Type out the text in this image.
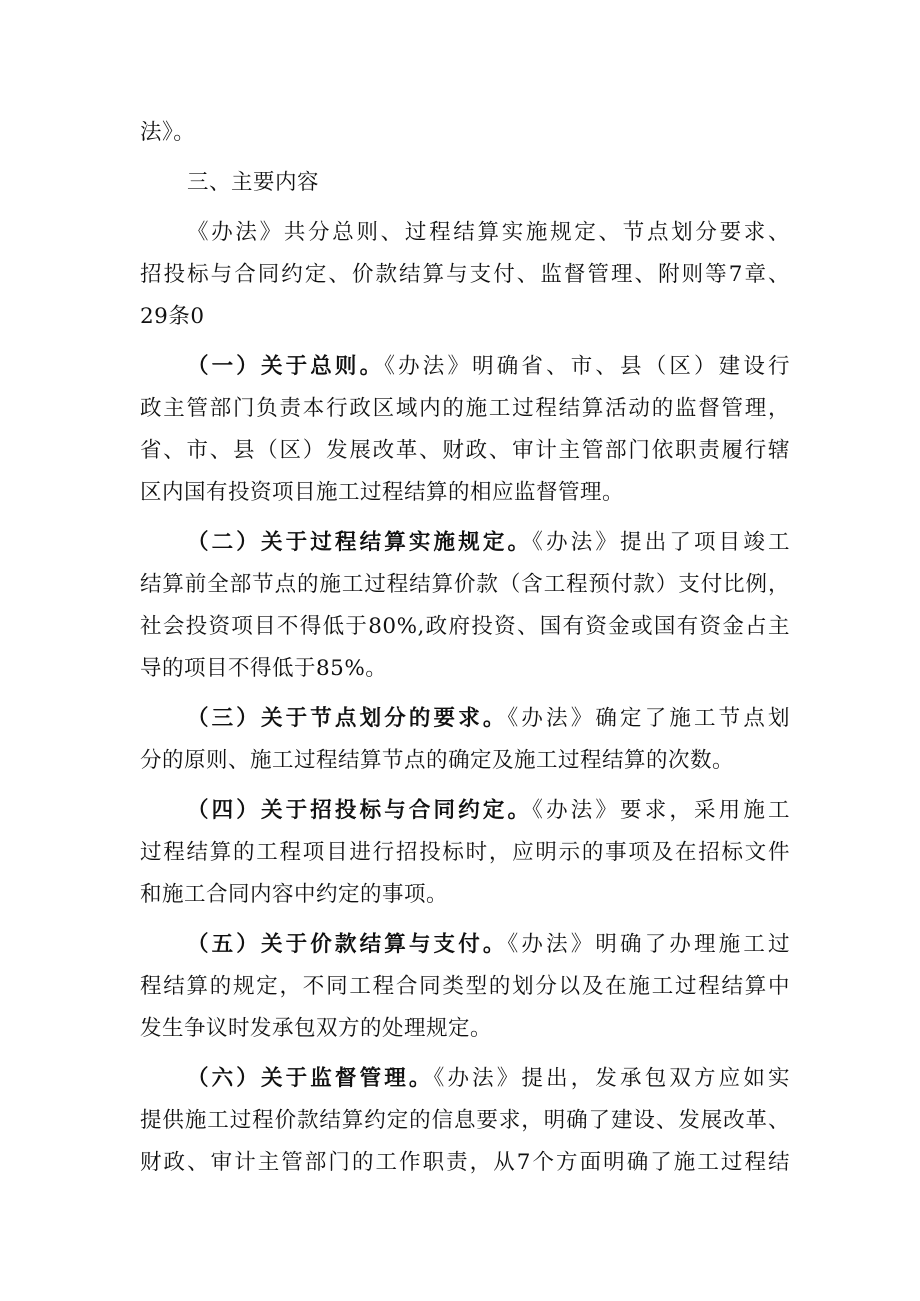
法》。
三、主要内容
《办法》共分总则、过程结算实施规定、节点划分要求、
招投标与合同约定、价款结算与支付、监督管理、附则等7章、
29条0
（一）关于总则。《办法》明确省、市、县（区）建设行
政主管部门负责本行政区域内的施工过程结算活动的监督管理，
省、市、县（区）发展改革、财政、审计主管部门依职责履行辖
区内国有投资项目施工过程结算的相应监督管理。
（二）关于过程结算实施规定。《办法》提出了项目竣工
结算前全部节点的施工过程结算价款（含工程预付款）支付比例，
社会投资项目不得低于80%,政府投资、国有资金或国有资金占主
导的项目不得低于85%。
（三）关于节点划分的要求。《办法》确定了施工节点划
分的原则、施工过程结算节点的确定及施工过程结算的次数。
（四）关于招投标与合同约定。《办法》要求，采用施工
过程结算的工程项目进行招投标时，应明示的事项及在招标文件
和施工合同内容中约定的事项。
（五）关于价款结算与支付。《办法》明确了办理施工过
程结算的规定，不同工程合同类型的划分以及在施工过程结算中
发生争议时发承包双方的处理规定。
（六）关于监督管理。《办法》提出，发承包双方应如实
提供施工过程价款结算约定的信息要求，明确了建设、发展改革、
财政、审计主管部门的工作职责，从7个方面明确了施工过程结
